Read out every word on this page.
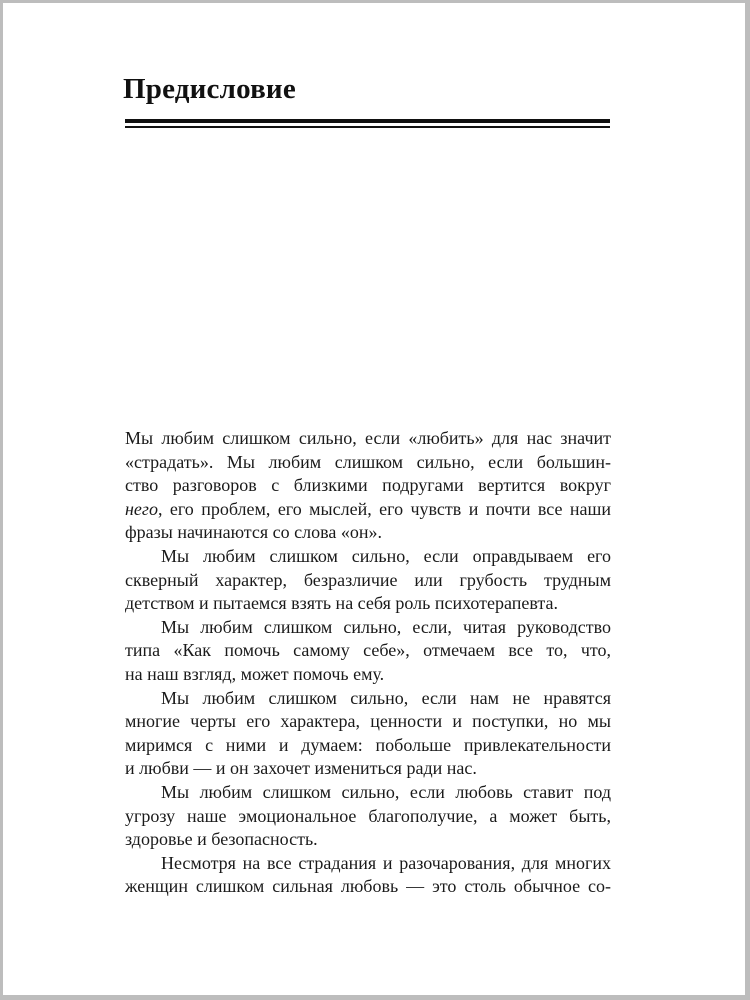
Предисловие
Мы любим слишком сильно, если «любить» для нас значит
«страдать». Мы любим слишком сильно, если большин-
ство разговоров с близкими подругами вертится вокруг
него, его проблем, его мыслей, его чувств и почти все наши
фразы начинаются со слова «он».
Мы любим слишком сильно, если оправдываем его
скверный характер, безразличие или грубость трудным
детством и пытаемся взять на себя роль психотерапевта.
Мы любим слишком сильно, если, читая руководство
типа «Как помочь самому себе», отмечаем все то, что,
на наш взгляд, может помочь ему.
Мы любим слишком сильно, если нам не нравятся
многие черты его характера, ценности и поступки, но мы
миримся с ними и думаем: побольше привлекательности
и любви — и он захочет измениться ради нас.
Мы любим слишком сильно, если любовь ставит под
угрозу наше эмоциональное благополучие, а может быть,
здоровье и безопасность.
Несмотря на все страдания и разочарования, для многих
женщин слишком сильная любовь — это столь обычное со-
